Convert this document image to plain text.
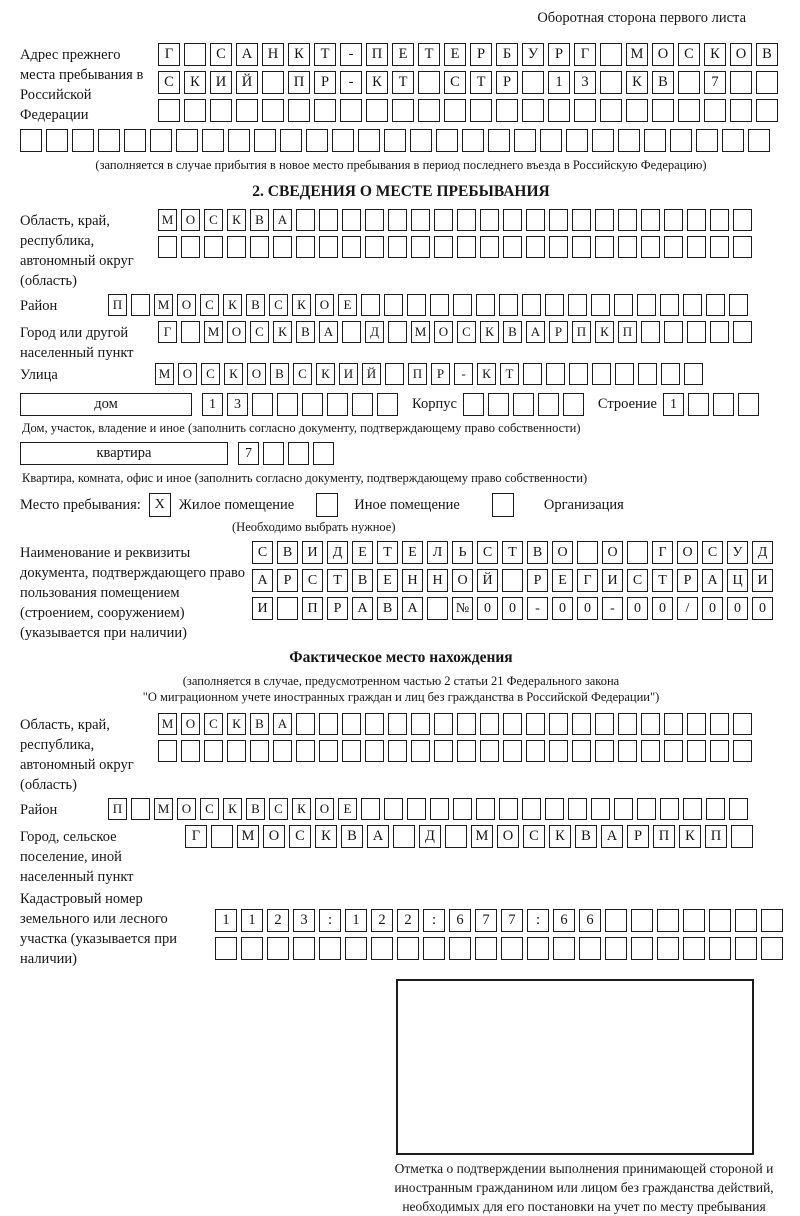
Оборотная сторона первого листа
Адрес прежнего места пребывания в Российской Федерации
Г	С	А	Н	К	Т	-	П	Е	Т	Е	Р	Б	У	Р	Г	М О	С	К	О	В
С	К	И	Й	П	Р	-	К	Т	С	Т	Р	1	3	К	В	7
(заполняется в случае прибытия в новое место пребывания в период последнего въезда в Российскую Федерацию)
2. СВЕДЕНИЯ О МЕСТЕ ПРЕБЫВАНИЯ
Область, край, республика, автономный округ (область)
М О	С	К	В	А
Район	П	М О	С	К	В	С	К	О	Е
Город или другой населенный пункт
Г	М О	С	К	В	А	Д	М О	С	К	В	А	Р	П	К	П
Улица	М О	С	К	О	В	С	К	И	Й	П	Р	-	К	Т
дом	1	3	Корпус	Строение 1
Дом, участок, владение и иное (заполнить согласно документу, подтверждающему право собственности)
квартира	7
Квартира, комната, офис и иное (заполнить согласно документу, подтверждающему право собственности)
Место пребывания: X Жилое помещение	Иное помещение	Организация
(Необходимо выбрать нужное)
Наименование и реквизиты документа, подтверждающего право пользования помещением (строением, сооружением) (указывается при наличии)
С	В	И	Д	Е	Т	Е	Л	Ь	С	Т	В	О	О	Г	О	С	У	Д
А	Р	С	Т	В	Е	Н	Н	О	Й	Р	Е	Г	И	С	Т	Р	А	Ц	И
И	П	Р	А	В	А	№	0	0	-	0	0	-	0	0	/	0	0	0
Фактическое место нахождения
(заполняется в случае, предусмотренном частью 2 статьи 21 Федерального закона
"О миграционном учете иностранных граждан и лиц без гражданства в Российской Федерации")
Область, край, республика, автономный округ (область)
М О	С	К	В	А
Район	П	М О	С	К	В	С	К	О	Е
Город, сельское поселение, иной населенный пункт
Г	М О	С	К	В	А	Д	М О	С	К	В	А	Р	П	К	П
Кадастровый номер земельного или лесного участка (указывается при наличии)
1	1	2	3	:	1	2	2	:	6	7	7	:	6	6
Отметка о подтверждении выполнения принимающей стороной и иностранным гражданином или лицом без гражданства действий, необходимых для его постановки на учет по месту пребывания
